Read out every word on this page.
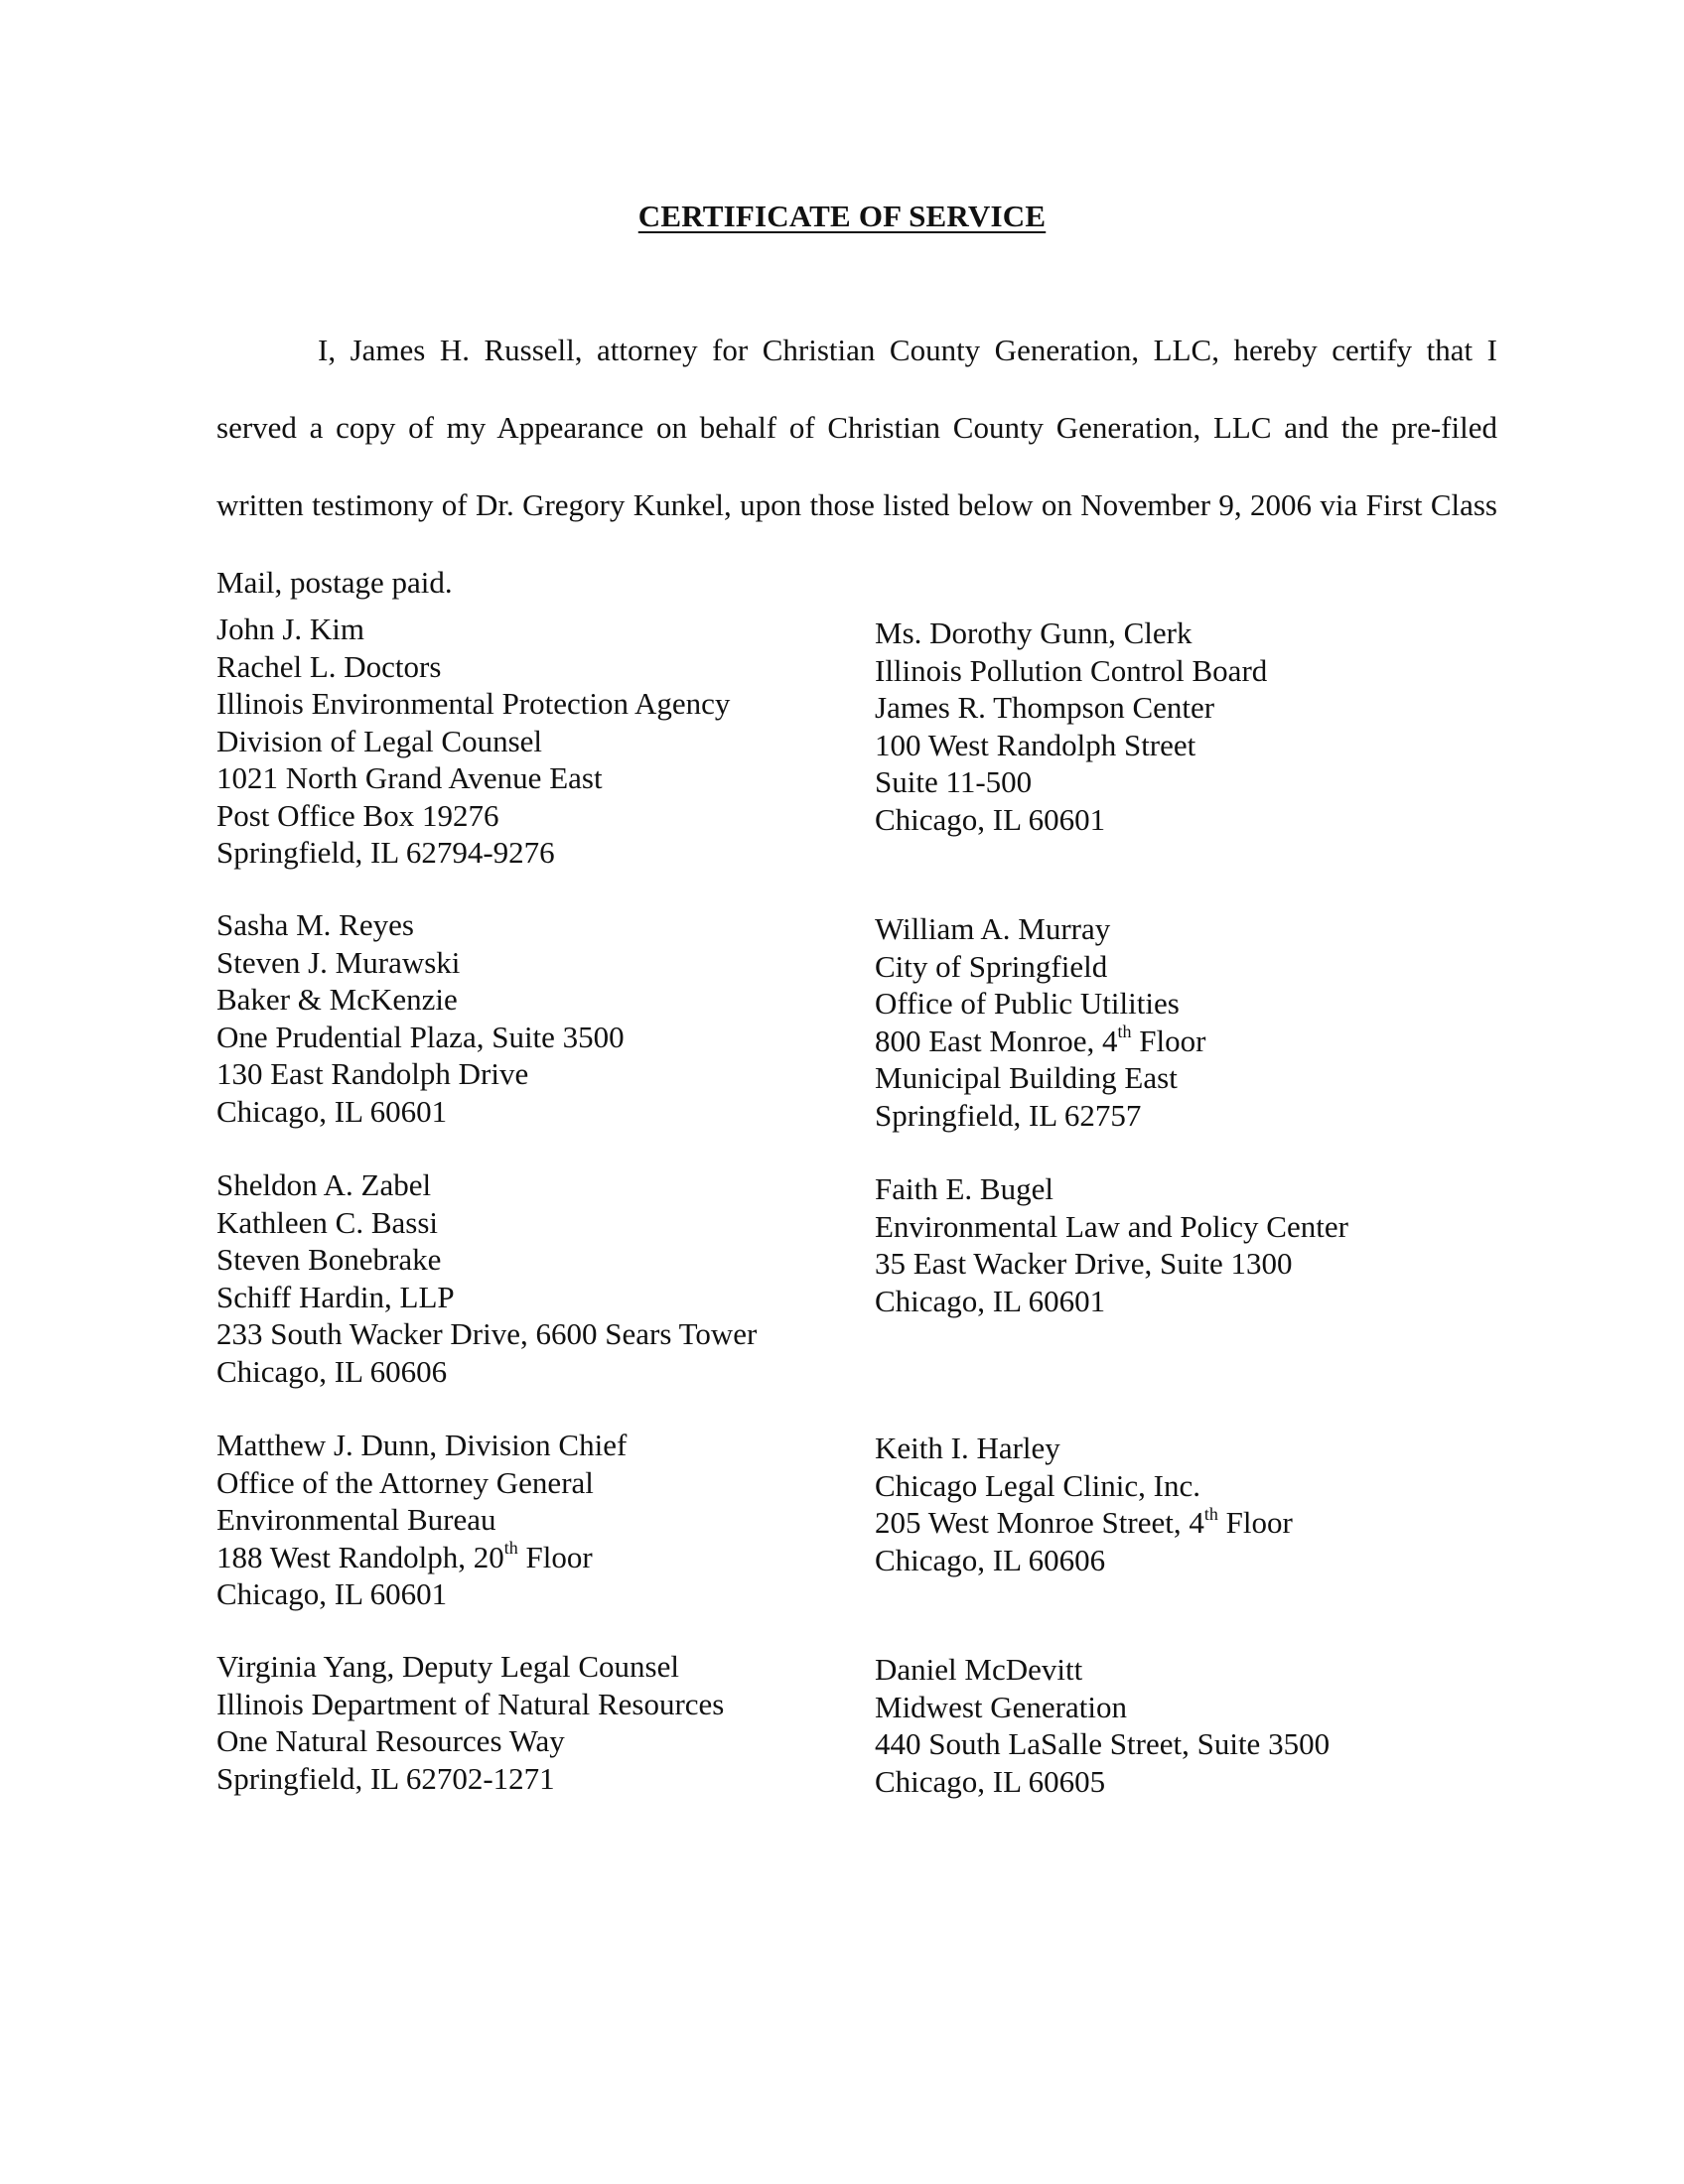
CERTIFICATE OF SERVICE
I, James H. Russell, attorney for Christian County Generation, LLC, hereby certify that I served a copy of my Appearance on behalf of Christian County Generation, LLC and the pre-filed written testimony of Dr. Gregory Kunkel, upon those listed below on November 9, 2006 via First Class Mail, postage paid.
John J. Kim
Rachel L. Doctors
Illinois Environmental Protection Agency
Division of Legal Counsel
1021 North Grand Avenue East
Post Office Box 19276
Springfield, IL 62794-9276
Sasha M. Reyes
Steven J. Murawski
Baker & McKenzie
One Prudential Plaza, Suite 3500
130 East Randolph Drive
Chicago, IL 60601
Sheldon A. Zabel
Kathleen C. Bassi
Steven Bonebrake
Schiff Hardin, LLP
233 South Wacker Drive, 6600 Sears Tower
Chicago, IL 60606
Matthew J. Dunn, Division Chief
Office of the Attorney General
Environmental Bureau
188 West Randolph, 20th Floor
Chicago, IL 60601
Virginia Yang, Deputy Legal Counsel
Illinois Department of Natural Resources
One Natural Resources Way
Springfield, IL 62702-1271
Ms. Dorothy Gunn, Clerk
Illinois Pollution Control Board
James R. Thompson Center
100 West Randolph Street
Suite 11-500
Chicago, IL 60601
William A. Murray
City of Springfield
Office of Public Utilities
800 East Monroe, 4th Floor
Municipal Building East
Springfield, IL 62757
Faith E. Bugel
Environmental Law and Policy Center
35 East Wacker Drive, Suite 1300
Chicago, IL 60601
Keith I. Harley
Chicago Legal Clinic, Inc.
205 West Monroe Street, 4th Floor
Chicago, IL 60606
Daniel McDevitt
Midwest Generation
440 South LaSalle Street, Suite 3500
Chicago, IL 60605
